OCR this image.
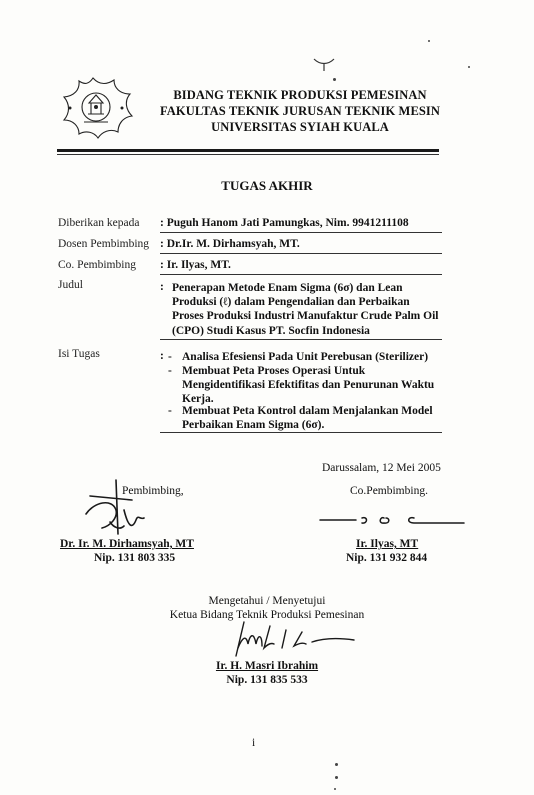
BIDANG TEKNIK PRODUKSI PEMESINAN
FAKULTAS TEKNIK JURUSAN TEKNIK MESIN
UNIVERSITAS SYIAH KUALA
TUGAS AKHIR
Diberikan kepada : Puguh Hanom Jati Pamungkas, Nim. 9941211108
Dosen Pembimbing : Dr.Ir. M. Dirhamsyah, MT.
Co. Pembimbing : Ir. Ilyas, MT.
Judul	: Penerapan Metode Enam Sigma (6σ) dan Lean
Produksi (ℓ) dalam Pengendalian dan Perbaikan
Proses Produksi Industri Manufaktur Crude Palm Oil
(CPO) Studi Kasus PT. Socfin Indonesia
Isi Tugas	: - Analisa Efesiensi Pada Unit Perebusan (Sterilizer)
- Membuat Peta Proses Operasi Untuk
Mengidentifikasi Efektifitas dan Penurunan Waktu
Kerja.
- Membuat Peta Kontrol dalam Menjalankan Model
Perbaikan Enam Sigma (6σ).
Darussalam, 12 Mei 2005
Pembimbing,
Dr. Ir. M. Dirhamsyah, MT
Nip. 131 803 335
Co.Pembimbing.
Ir. Ilyas, MT
Nip. 131 932 844
Mengetahui / Menyetujui
Ketua Bidang Teknik Produksi Pemesinan
Ir. H. Masri Ibrahim
Nip. 131 835 533
i
